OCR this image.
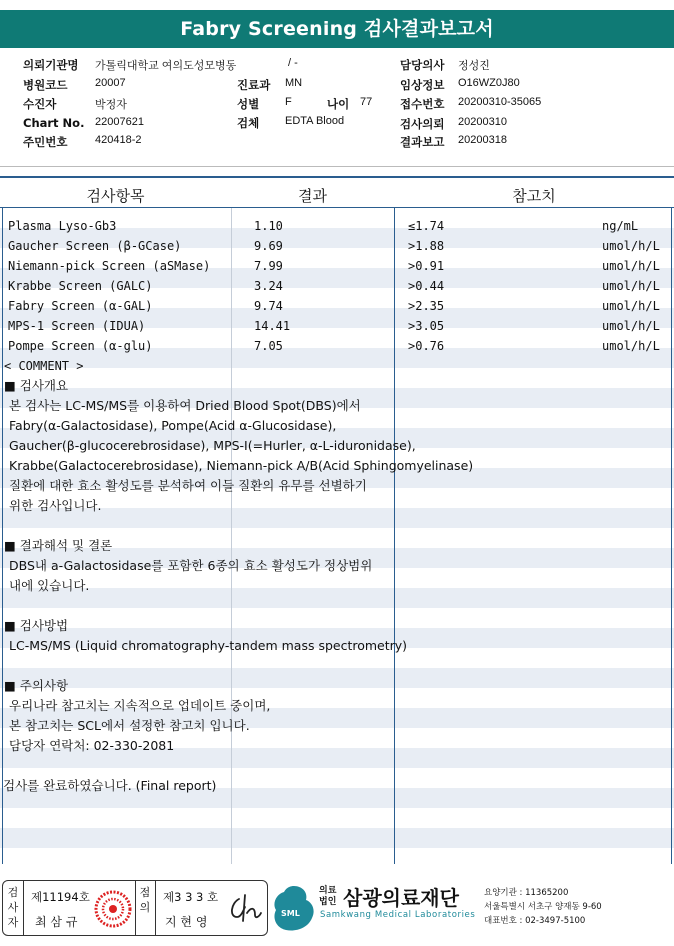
Fabry Screening 검사결과보고서
의뢰기관명 가톨릭대학교 여의도성모병동	/ -
병원코드	20007	진료과 MN
수진자	박정자	성별 F	나이 77
Chart No. 22007621	검체 EDTA Blood
주민번호	420418-2
담당의사 정성진
임상정보 O16WZ0J80
접수번호 20200310-35065
검사의뢰 20200310
결과보고 20200318
검사항목	결과	참고치
Plasma Lyso-Gb3	1.10	≤1.74	ng/mL
Gaucher Screen (β-GCase)	9.69	>1.88	umol/h/L
Niemann-pick Screen (aSMase)	7.99	>0.91	umol/h/L
Krabbe Screen (GALC)	3.24	>0.44	umol/h/L
Fabry Screen (α-GAL)	9.74	>2.35	umol/h/L
MPS-1 Screen (IDUA)	14.41	>3.05	umol/h/L
Pompe Screen (α-glu)	7.05	>0.76	umol/h/L
< COMMENT >
■ 검사개요
본 검사는 LC-MS/MS를 이용하여 Dried Blood Spot(DBS)에서
Fabry(α-Galactosidase), Pompe(Acid α-Glucosidase),
Gaucher(β-glucocerebrosidase), MPS-I(=Hurler, α-L-iduronidase),
Krabbe(Galactocerebrosidase), Niemann-pick A/B(Acid Sphingomyelinase)
질환에 대한 효소 활성도를 분석하여 이들 질환의 유무를 선별하기
위한 검사입니다.
■ 결과해석 및 결론
DBS내 a-Galactosidase를 포함한 6종의 효소 활성도가 정상범위
내에 있습니다.
■ 검사방법
LC-MS/MS (Liquid chromatography-tandem mass spectrometry)
■ 주의사항
우리나라 참고치는 지속적으로 업데이트 중이며,
본 참고치는 SCL에서 설정한 참고치 입니다.
담당자 연락처: 02-330-2081
검사를 완료하였습니다. (Final report)
검사자
제11194호
최 삼 규
점의
제3 3 3 호
지 현 영
SML
의료법인 삼광의료재단
Samkwang Medical Laboratories
요양기관 : 11365200
서울특별시 서초구 양재동 9-60
대표번호 : 02-3497-5100
